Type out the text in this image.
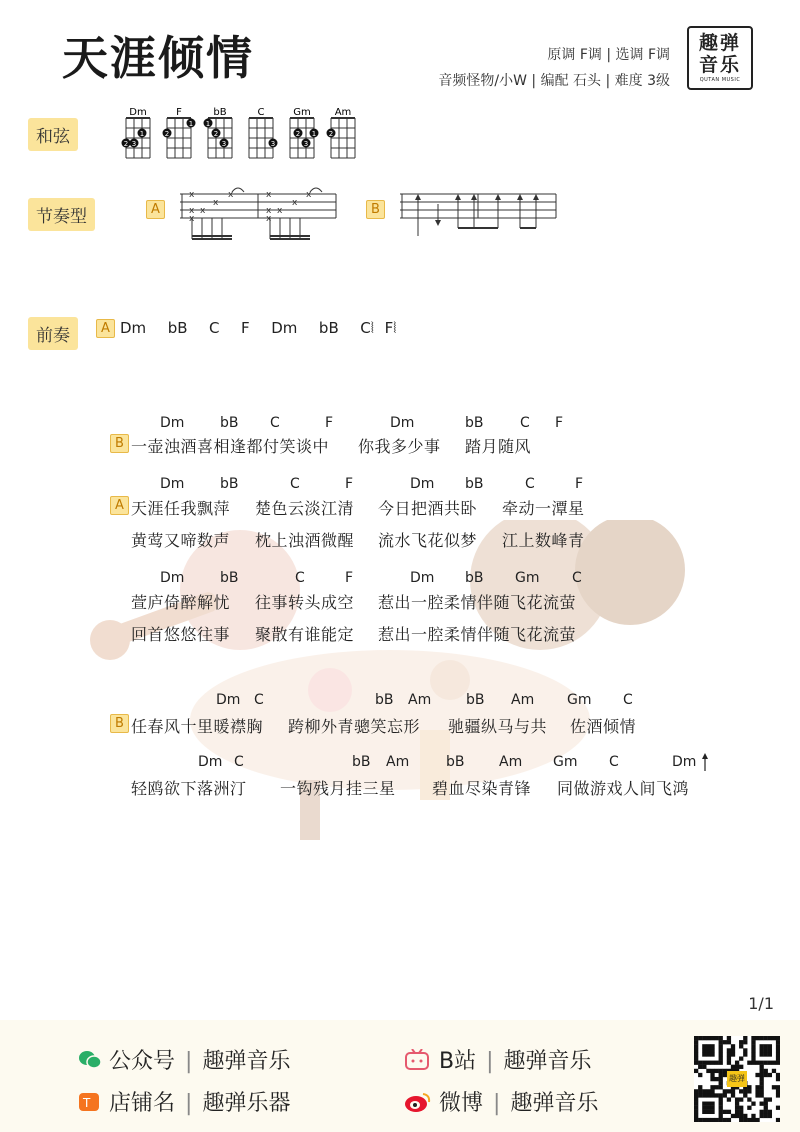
天涯倾情	原调 F调 | 选调 F调
音频怪物/小W | 编配 石头 | 难度 3级
趣弹
音乐
QUTAN MUSIC
和弦
Dm
2 3
1
F
2
1
bB
1
2
3
C
3
Gm
2
3
1
Am
2
节奏型	A
x
x x
x
x
x	x
x x
x
x
x
B
前奏	A Dm  bB  C  F  Dm  bB  C⦚ F⦚
Dm	bB C	F	Dm	bB	C F
B 一壶浊酒喜相逢都付笑谈中 你我多少事 踏月随风
Dm	bB	C	F	Dm bB	C	F
A 天涯任我飘萍 楚色云淡江清 今日把酒共卧 牵动一潭星
黄莺又啼数声 枕上浊酒微醒 流水飞花似梦 江上数峰青
Dm	bB	C	F	Dm bB Gm C
萱庐倚醉解忧 往事转头成空 惹出一腔柔情伴随飞花流萤
回首悠悠往事 聚散有谁能定 惹出一腔柔情伴随飞花流萤
Dm C	bB Am bB Am Gm C
B 任春风十里暖襟胸 跨柳外青骢笑忘形 驰疆纵马与共 佐酒倾情
Dm C	bB Am	bB Am Gm C	Dm
轻鸥欲下落洲汀 一钩残月挂三星 碧血尽染青锋 同做游戏人间飞鸿
1/1
公众号 | 趣弹音乐
T 店铺名 | 趣弹乐器
B站 | 趣弹音乐
微博 | 趣弹音乐
趣弹
